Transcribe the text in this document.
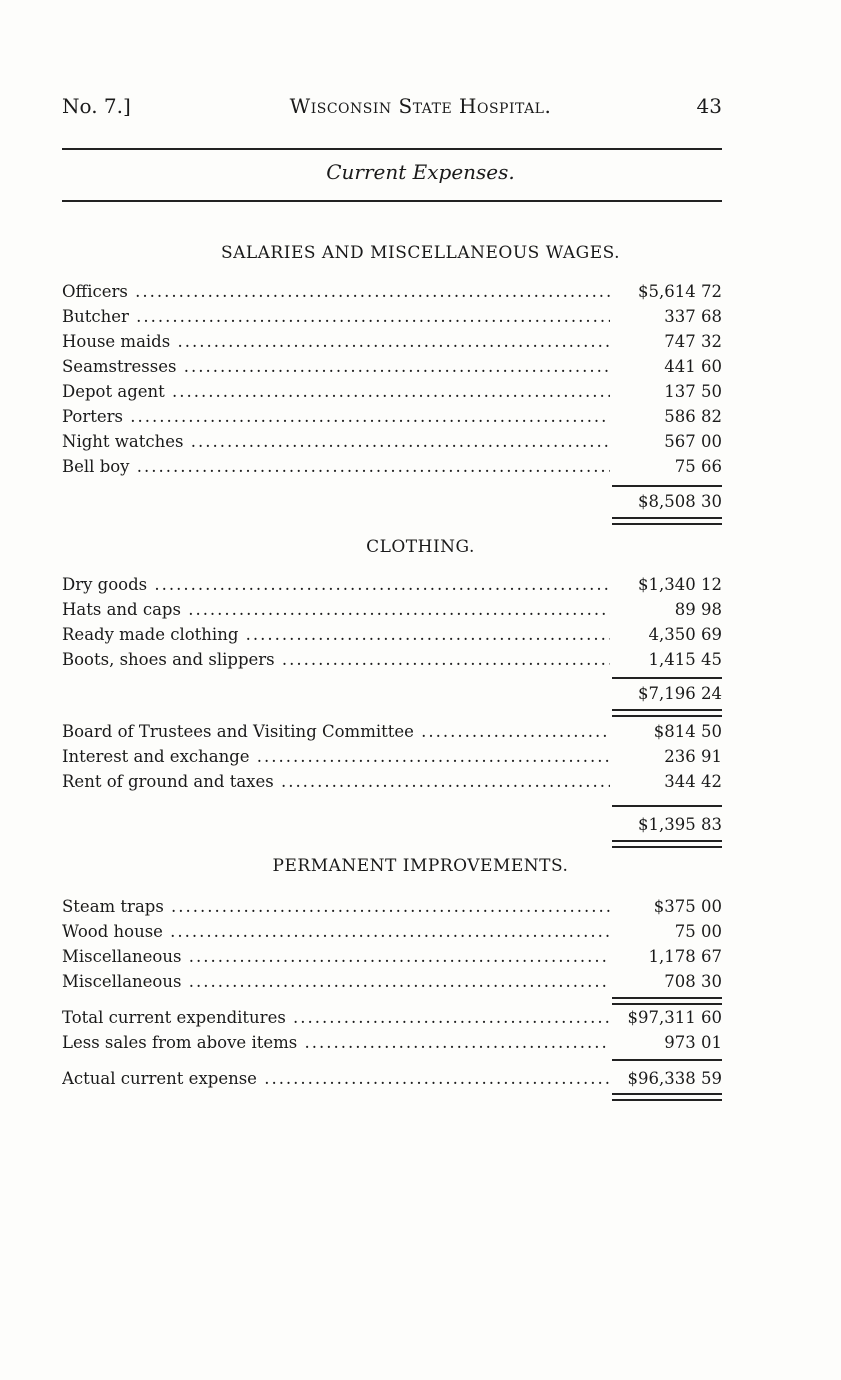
No. 7.]	Wisconsin State Hospital.	43
Current Expenses.
SALARIES AND MISCELLANEOUS WAGES.
Officers .....	$5,614 72
Butcher .....	337 68
House maids .....	747 32
Seamstresses .....	441 60
Depot agent .....	137 50
Porters .....	586 82
Night watches .....	567 00
Bell boy .....	75 66
$8,508 30
CLOTHING.
Dry goods .....	$1,340 12
Hats and caps .....	89 98
Ready made clothing .....	4,350 69
Boots, shoes and slippers .....	1,415 45
$7,196 24
Board of Trustees and Visiting Committee .....	$814 50
Interest and exchange .....	236 91
Rent of ground and taxes .....	344 42
$1,395 83
PERMANENT IMPROVEMENTS.
Steam traps .....	$375 00
Wood house .....	75 00
Miscellaneous .....	1,178 67
Miscellaneous .....	708 30
Total current expenditures .....	$97,311 60
Less sales from above items .....	973 01
Actual current expense .....	$96,338 59
